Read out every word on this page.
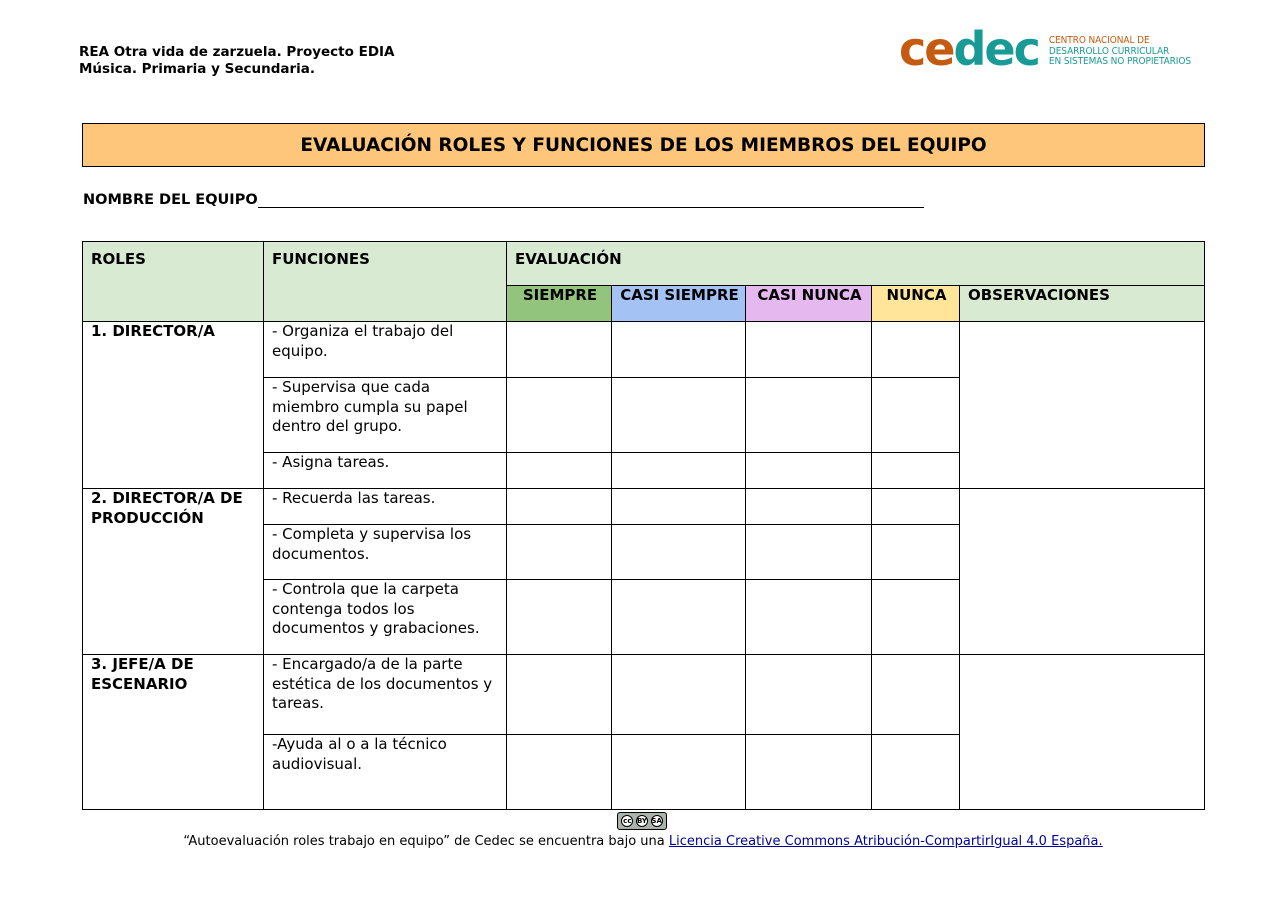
REA Otra vida de zarzuela. Proyecto EDIA
Música. Primaria y Secundaria.	cedec CENTRO NACIONAL DE
DESARROLLO CURRICULAR
EN SISTEMAS NO PROPIETARIOS
EVALUACIÓN ROLES Y FUNCIONES DE LOS MIEMBROS DEL EQUIPO
NOMBRE DEL EQUIPO
ROLES	FUNCIONES	EVALUACIÓN				
		SIEMPRE	CASI SIEMPRE	CASI NUNCA	NUNCA	OBSERVACIONES
1. DIRECTOR/A	- Organiza el trabajo del equipo.					
	- Supervisa que cada miembro cumpla su papel dentro del grupo.					
	- Asigna tareas.					
2. DIRECTOR/A DE PRODUCCIÓN	- Recuerda las tareas.					
	- Completa y supervisa los documentos.					
	- Controla que la carpeta contenga todos los documentos y grabaciones.					
3. JEFE/A DE ESCENARIO	- Encargado/a de la parte estética de los documentos y tareas.					
	-Ayuda al o a la técnico audiovisual.					
cc BY SA
“Autoevaluación roles trabajo en equipo” de Cedec se encuentra bajo una Licencia Creative Commons Atribución-CompartirIgual 4.0 España.
